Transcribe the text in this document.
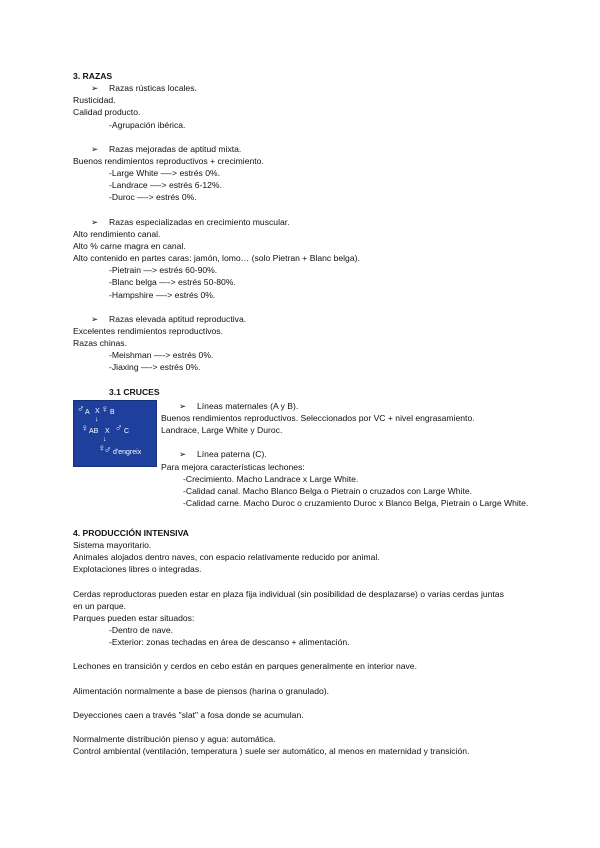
3. RAZAS
➢ Razas rústicas locales.
Rusticidad.
Calidad producto.
-Agrupación ibérica.
➢ Razas mejoradas de aptitud mixta.
Buenos rendimientos reproductivos + crecimiento.
-Large White —-> estrés 0%.
-Landrace —-> estrés 6-12%.
-Duroc —-> estrés 0%.
➢ Razas especializadas en crecimiento muscular.
Alto rendimiento canal.
Alto % carne magra en canal.
Alto contenido en partes caras: jamón, lomo… (solo Pietran + Blanc belga).
-Pietrain —> estrés 60-90%.
-Blanc belga —-> estrés 50-80%.
-Hampshire —-> estrés 0%.
➢ Razas elevada aptitud reproductiva.
Excelentes rendimientos reproductivos.
Razas chinas.
-Meishman —-> estrés 0%.
-Jiaxing —-> estrés 0%.
3.1 CRUCES
♂ A X ♀ B
↓
♀ AB X ♂ C
↓
♀
♂ d'engreix
➢ Líneas maternales (A y B).
Buenos rendimientos reproductivos. Seleccionados por VC + nivel engrasamiento.
Landrace, Large White y Duroc.
➢ Línea paterna (C).
Para mejora características lechones:
-Crecimiento. Macho Landrace x Large White.
-Calidad canal. Macho Blanco Belga o Pietrain o cruzados con Large White.
-Calidad carne. Macho Duroc o cruzamiento Duroc x Blanco Belga, Pietrain o Large White.
4. PRODUCCIÓN INTENSIVA
Sistema mayoritario.
Animales alojados dentro naves, con espacio relativamente reducido por animal.
Explotaciones libres o integradas.
Cerdas reproductoras pueden estar en plaza fija individual (sin posibilidad de desplazarse) o varias cerdas juntas
en un parque.
Parques pueden estar situados:
-Dentro de nave.
-Exterior: zonas techadas en área de descanso + alimentación.
Lechones en transición y cerdos en cebo están en parques generalmente en interior nave.
Alimentación normalmente a base de piensos (harina o granulado).
Deyecciones caen a través "slat" a fosa donde se acumulan.
Normalmente distribución pienso y agua: automática.
Control ambiental (ventilación, temperatura ) suele ser automático, al menos en maternidad y transición.
